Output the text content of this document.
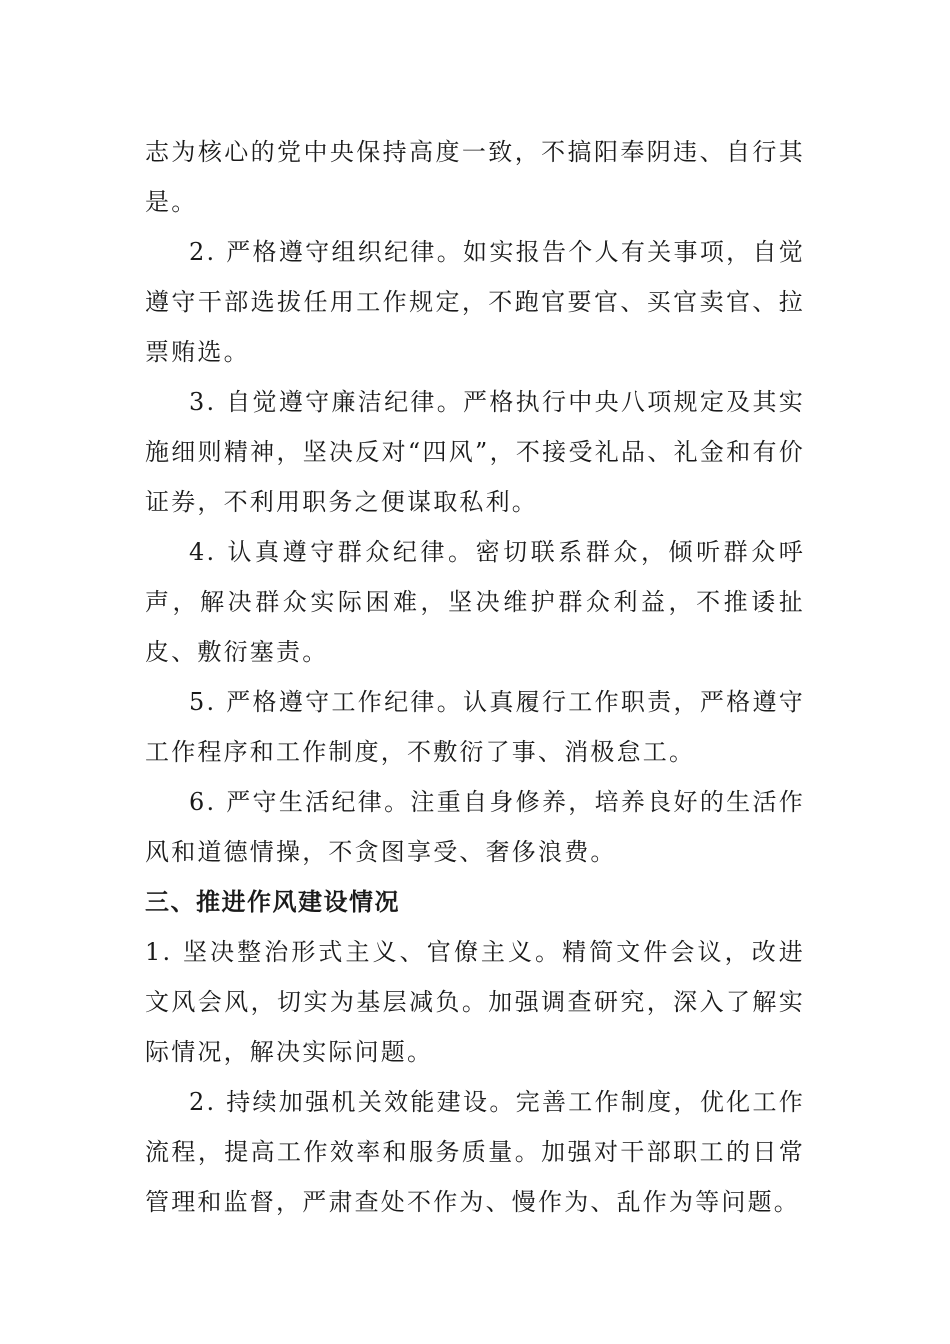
志为核心的党中央保持高度一致，不搞阳奉阴违、自行其是。

2. 严格遵守组织纪律。如实报告个人有关事项，自觉遵守干部选拔任用工作规定，不跑官要官、买官卖官、拉票贿选。

3. 自觉遵守廉洁纪律。严格执行中央八项规定及其实施细则精神，坚决反对“四风”，不接受礼品、礼金和有价证券，不利用职务之便谋取私利。

4. 认真遵守群众纪律。密切联系群众，倾听群众呼声，解决群众实际困难，坚决维护群众利益，不推诿扯皮、敷衍塞责。

5. 严格遵守工作纪律。认真履行工作职责，严格遵守工作程序和工作制度，不敷衍了事、消极怠工。

6. 严守生活纪律。注重自身修养，培养良好的生活作风和道德情操，不贪图享受、奢侈浪费。

三、推进作风建设情况

1. 坚决整治形式主义、官僚主义。精简文件会议，改进文风会风，切实为基层减负。加强调查研究，深入了解实际情况，解决实际问题。

2. 持续加强机关效能建设。完善工作制度，优化工作流程，提高工作效率和服务质量。加强对干部职工的日常管理和监督，严肃查处不作为、慢作为、乱作为等问题。
